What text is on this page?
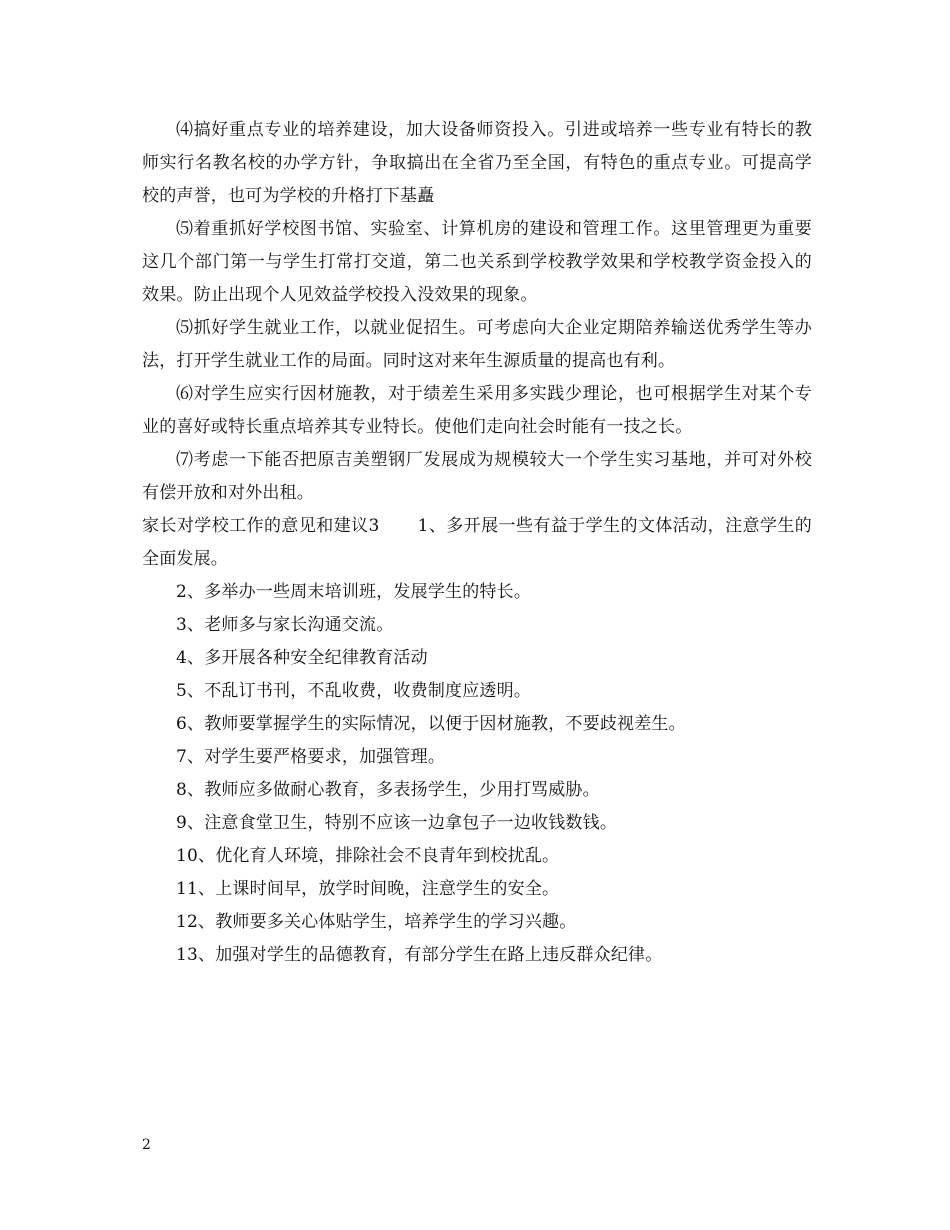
⑷搞好重点专业的培养建设，加大设备师资投入。引进或培养一些专业有特长的教师实行名教名校的办学方针，争取搞出在全省乃至全国，有特色的重点专业。可提高学校的声誉，也可为学校的升格打下基矗

⑸着重抓好学校图书馆、实验室、计算机房的建设和管理工作。这里管理更为重要这几个部门第一与学生打常打交道，第二也关系到学校教学效果和学校教学资金投入的效果。防止出现个人见效益学校投入没效果的现象。

⑸抓好学生就业工作，以就业促招生。可考虑向大企业定期陪养输送优秀学生等办法，打开学生就业工作的局面。同时这对来年生源质量的提高也有利。

⑹对学生应实行因材施教，对于绩差生采用多实践少理论，也可根据学生对某个专业的喜好或特长重点培养其专业特长。使他们走向社会时能有一技之长。

⑺考虑一下能否把原吉美塑钢厂发展成为规模较大一个学生实习基地，并可对外校有偿开放和对外出租。

家长对学校工作的意见和建议3 1、多开展一些有益于学生的文体活动，注意学生的全面发展。

2、多举办一些周末培训班，发展学生的特长。

3、老师多与家长沟通交流。

4、多开展各种安全纪律教育活动

5、不乱订书刊，不乱收费，收费制度应透明。

6、教师要掌握学生的实际情况，以便于因材施教，不要歧视差生。

7、对学生要严格要求，加强管理。

8、教师应多做耐心教育，多表扬学生，少用打骂威胁。

9、注意食堂卫生，特别不应该一边拿包子一边收钱数钱。

10、优化育人环境，排除社会不良青年到校扰乱。

11、上课时间早，放学时间晚，注意学生的安全。

12、教师要多关心体贴学生，培养学生的学习兴趣。

13、加强对学生的品德教育，有部分学生在路上违反群众纪律。

2
